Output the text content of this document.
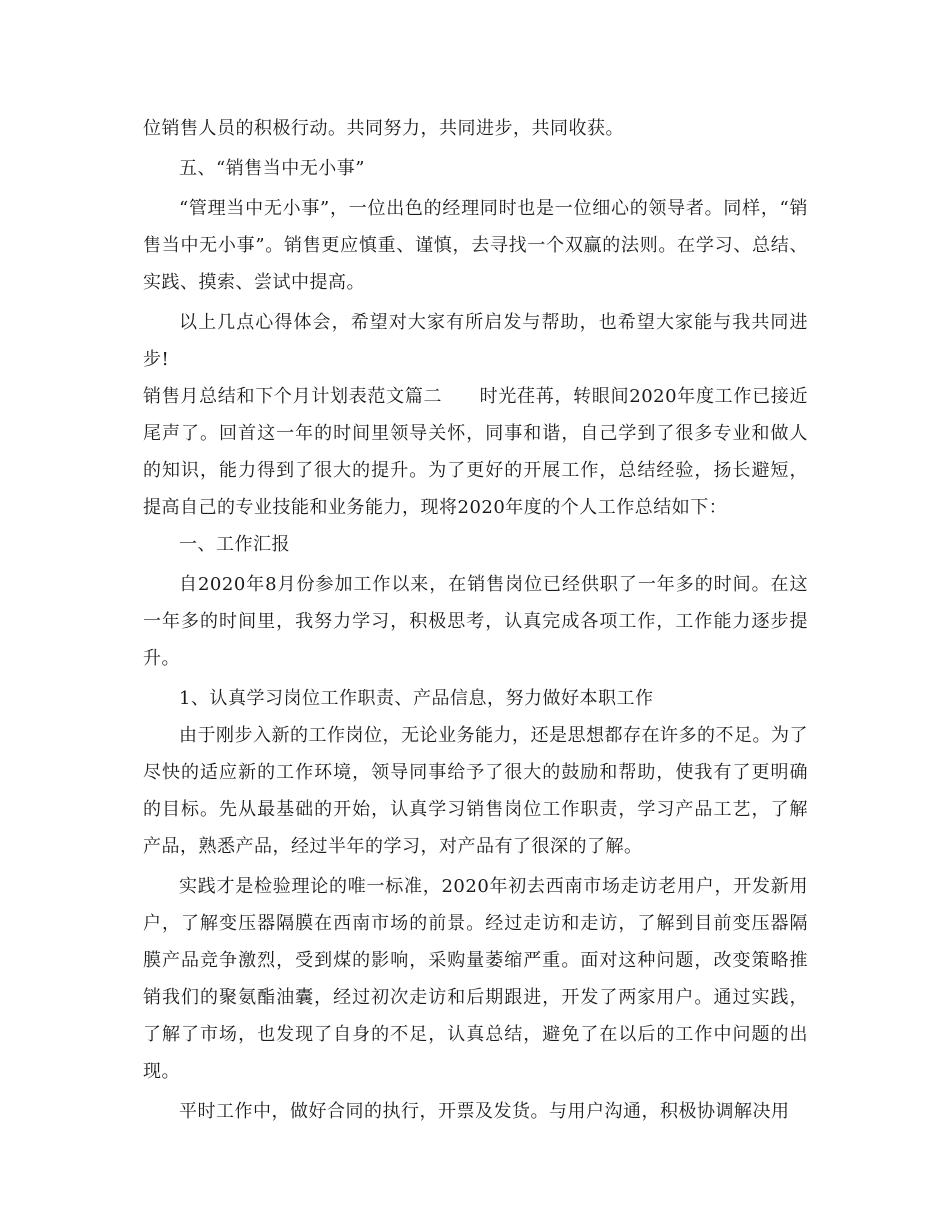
位销售人员的积极行动。共同努力，共同进步，共同收获。

五、“销售当中无小事”

“管理当中无小事”，一位出色的经理同时也是一位细心的领导者。同样，“销售当中无小事”。销售更应慎重、谨慎，去寻找一个双赢的法则。在学习、总结、实践、摸索、尝试中提高。

以上几点心得体会，希望对大家有所启发与帮助，也希望大家能与我共同进步!

销售月总结和下个月计划表范文篇二　　时光荏苒，转眼间2020年度工作已接近尾声了。回首这一年的时间里领导关怀，同事和谐，自己学到了很多专业和做人的知识，能力得到了很大的提升。为了更好的开展工作，总结经验，扬长避短，提高自己的专业技能和业务能力，现将2020年度的个人工作总结如下：

一、工作汇报

自2020年8月份参加工作以来，在销售岗位已经供职了一年多的时间。在这一年多的时间里，我努力学习，积极思考，认真完成各项工作，工作能力逐步提升。

1、认真学习岗位工作职责、产品信息，努力做好本职工作

由于刚步入新的工作岗位，无论业务能力，还是思想都存在许多的不足。为了尽快的适应新的工作环境，领导同事给予了很大的鼓励和帮助，使我有了更明确的目标。先从最基础的开始，认真学习销售岗位工作职责，学习产品工艺，了解产品，熟悉产品，经过半年的学习，对产品有了很深的了解。

实践才是检验理论的唯一标准，2020年初去西南市场走访老用户，开发新用户，了解变压器隔膜在西南市场的前景。经过走访和走访，了解到目前变压器隔膜产品竞争激烈，受到煤的影响，采购量萎缩严重。面对这种问题，改变策略推销我们的聚氨酯油囊，经过初次走访和后期跟进，开发了两家用户。通过实践，了解了市场，也发现了自身的不足，认真总结，避免了在以后的工作中问题的出现。

平时工作中，做好合同的执行，开票及发货。与用户沟通，积极协调解决用
